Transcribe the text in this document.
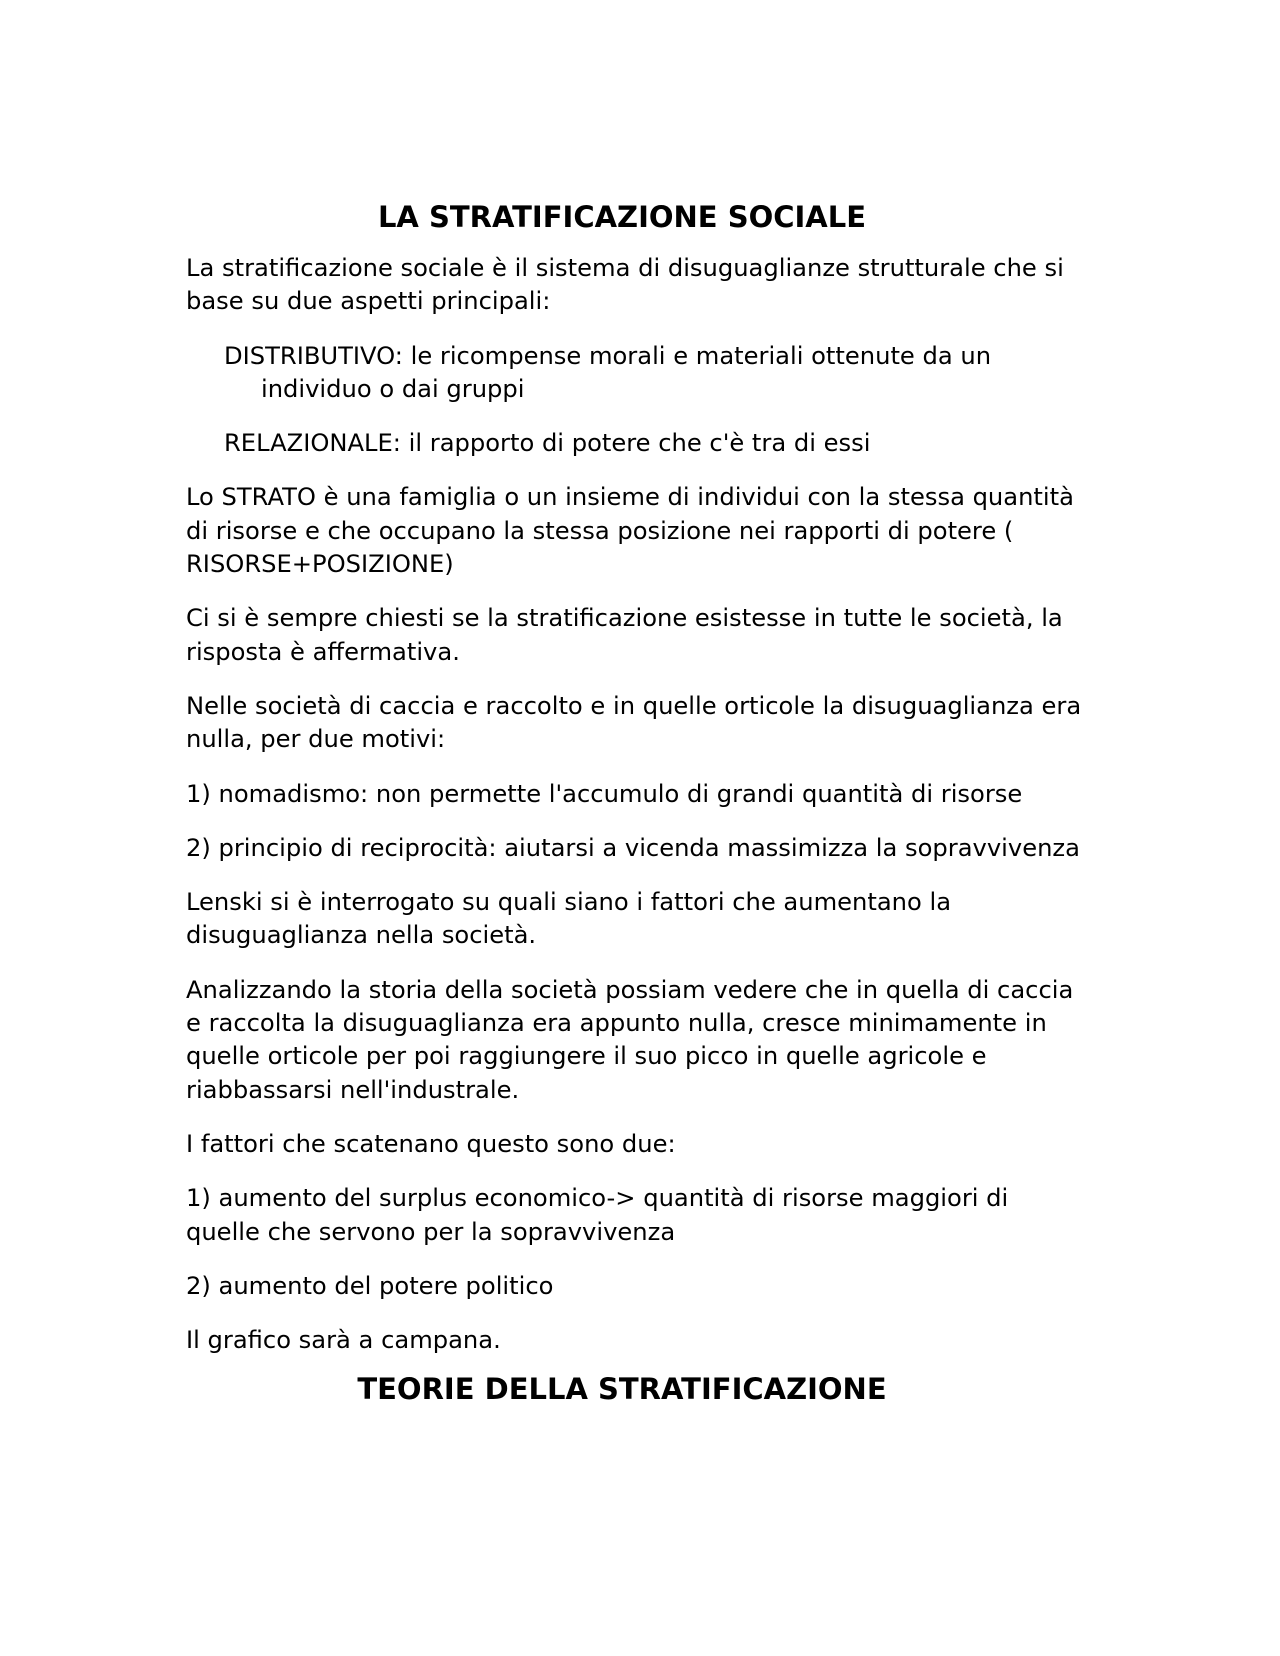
LA STRATIFICAZIONE SOCIALE

La stratificazione sociale è il sistema di disuguaglianze strutturale che si base su due aspetti principali:

DISTRIBUTIVO: le ricompense morali e materiali ottenute da un individuo o dai gruppi

RELAZIONALE: il rapporto di potere che c'è tra di essi

Lo STRATO è una famiglia o un insieme di individui con la stessa quantità di risorse e che occupano la stessa posizione nei rapporti di potere ( RISORSE+POSIZIONE)

Ci si è sempre chiesti se la stratificazione esistesse in tutte le società, la risposta è affermativa.

Nelle società di caccia e raccolto e in quelle orticole la disuguaglianza era nulla, per due motivi:

1) nomadismo: non permette l'accumulo di grandi quantità di risorse

2) principio di reciprocità: aiutarsi a vicenda massimizza la sopravvivenza

Lenski si è interrogato su quali siano i fattori che aumentano la disuguaglianza nella società.

Analizzando la storia della società possiam vedere che in quella di caccia e raccolta la disuguaglianza era appunto nulla, cresce minimamente in quelle orticole per poi raggiungere il suo picco in quelle agricole e riabbassarsi nell'industrale.

I fattori che scatenano questo sono due:

1) aumento del surplus economico-> quantità di risorse maggiori di quelle che servono per la sopravvivenza

2) aumento del potere politico

Il grafico sarà a campana.

TEORIE DELLA STRATIFICAZIONE
